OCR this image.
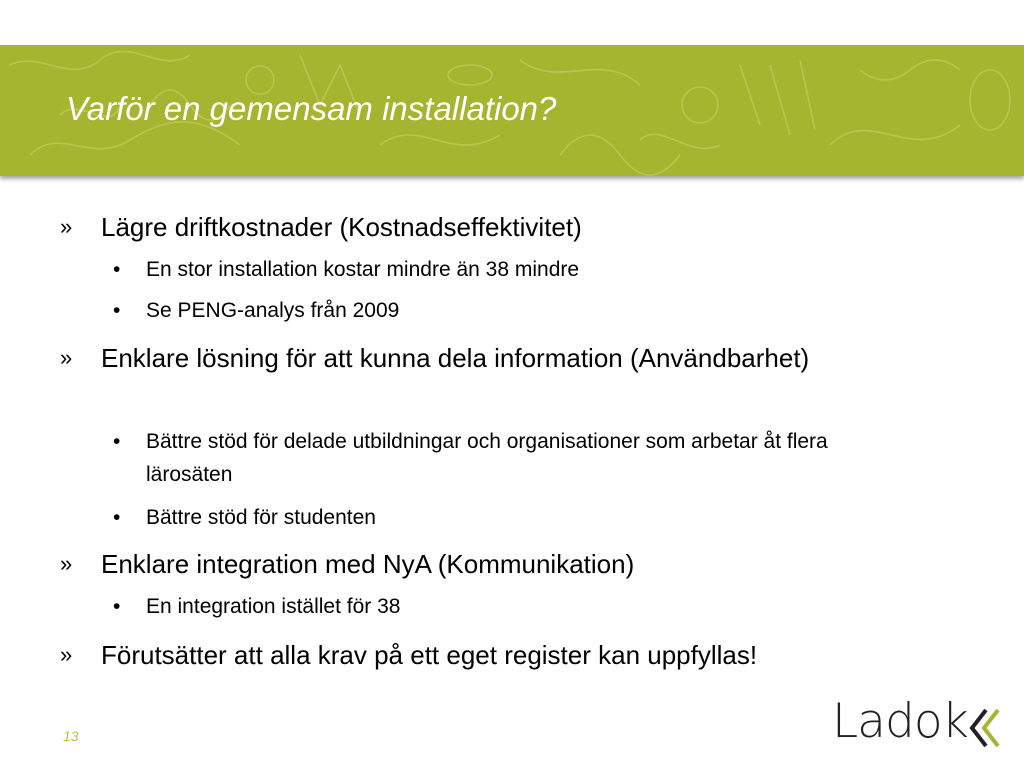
Varför en gemensam installation?
»	Lägre driftkostnader (Kostnadseffektivitet)
•	En stor installation kostar mindre än 38 mindre
•	Se PENG-analys från 2009
»	Enklare lösning för att kunna dela information (Användbarhet)
•	Bättre stöd för delade utbildningar och organisationer som arbetar åt flera lärosäten
•	Bättre stöd för studenten
»	Enklare integration med NyA (Kommunikation)
•	En integration istället för 38
»	Förutsätter att alla krav på ett eget register kan uppfyllas!
13	Ladok
